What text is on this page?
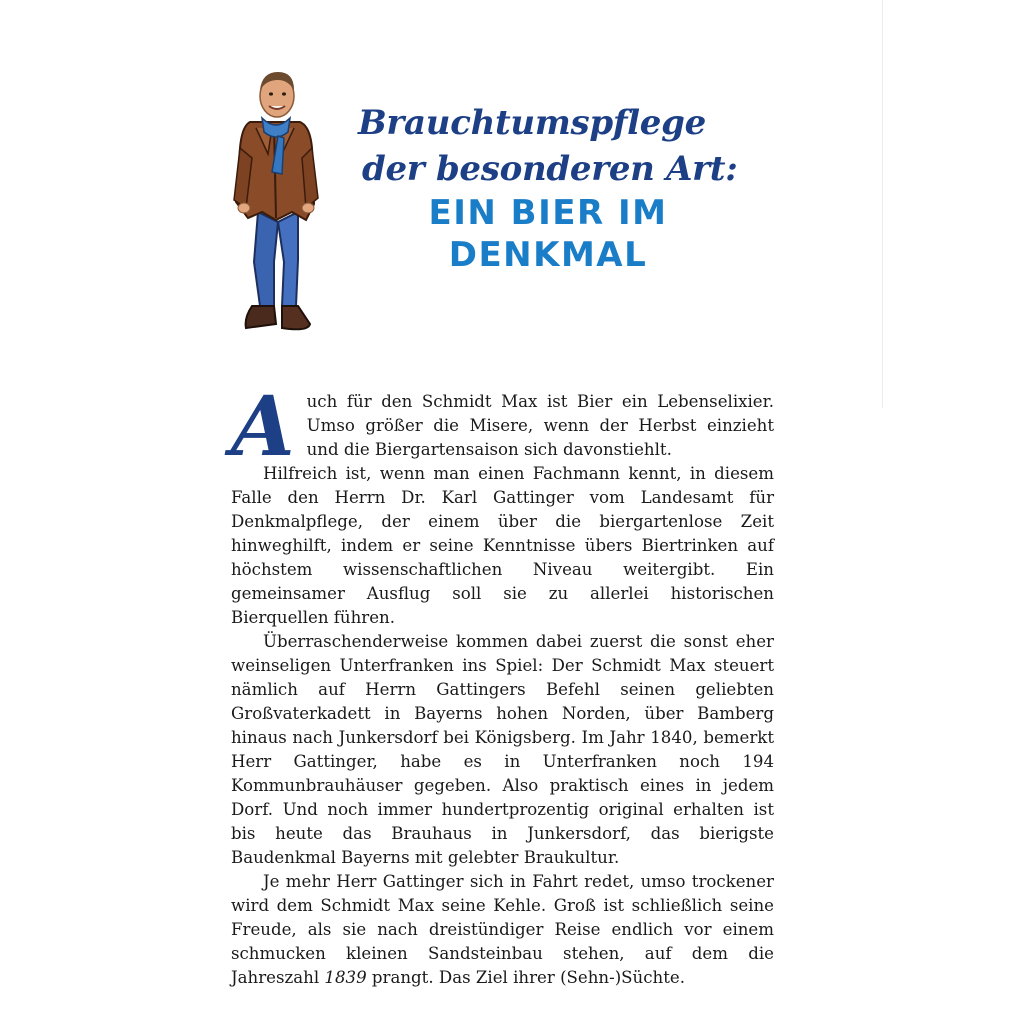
Brauchtumspflege
der besonderen Art:
EIN BIER IM
DENKMAL

Auch für den Schmidt Max ist Bier ein Lebenselixier. Umso größer die Misere, wenn der Herbst einzieht und die Biergartensaison sich davonstiehlt.

Hilfreich ist, wenn man einen Fachmann kennt, in diesem Falle den Herrn Dr. Karl Gattinger vom Landesamt für Denkmalpflege, der einem über die biergartenlose Zeit hinweghilft, indem er seine Kenntnisse übers Biertrinken auf höchstem wissenschaftlichen Niveau weitergibt. Ein gemeinsamer Ausflug soll sie zu allerlei historischen Bierquellen führen.

Überraschenderweise kommen dabei zuerst die sonst eher weinseligen Unterfranken ins Spiel: Der Schmidt Max steuert nämlich auf Herrn Gattingers Befehl seinen geliebten Großvaterkadett in Bayerns hohen Norden, über Bamberg hinaus nach Junkersdorf bei Königsberg. Im Jahr 1840, bemerkt Herr Gattinger, habe es in Unterfranken noch 194 Kommunbrauhäuser gegeben. Also praktisch eines in jedem Dorf. Und noch immer hundertprozentig original erhalten ist bis heute das Brauhaus in Junkersdorf, das bierigste Baudenkmal Bayerns mit gelebter Braukultur.

Je mehr Herr Gattinger sich in Fahrt redet, umso trockener wird dem Schmidt Max seine Kehle. Groß ist schließlich seine Freude, als sie nach dreistündiger Reise endlich vor einem schmucken kleinen Sandsteinbau stehen, auf dem die Jahreszahl 1839 prangt. Das Ziel ihrer (Sehn-)Süchte.
